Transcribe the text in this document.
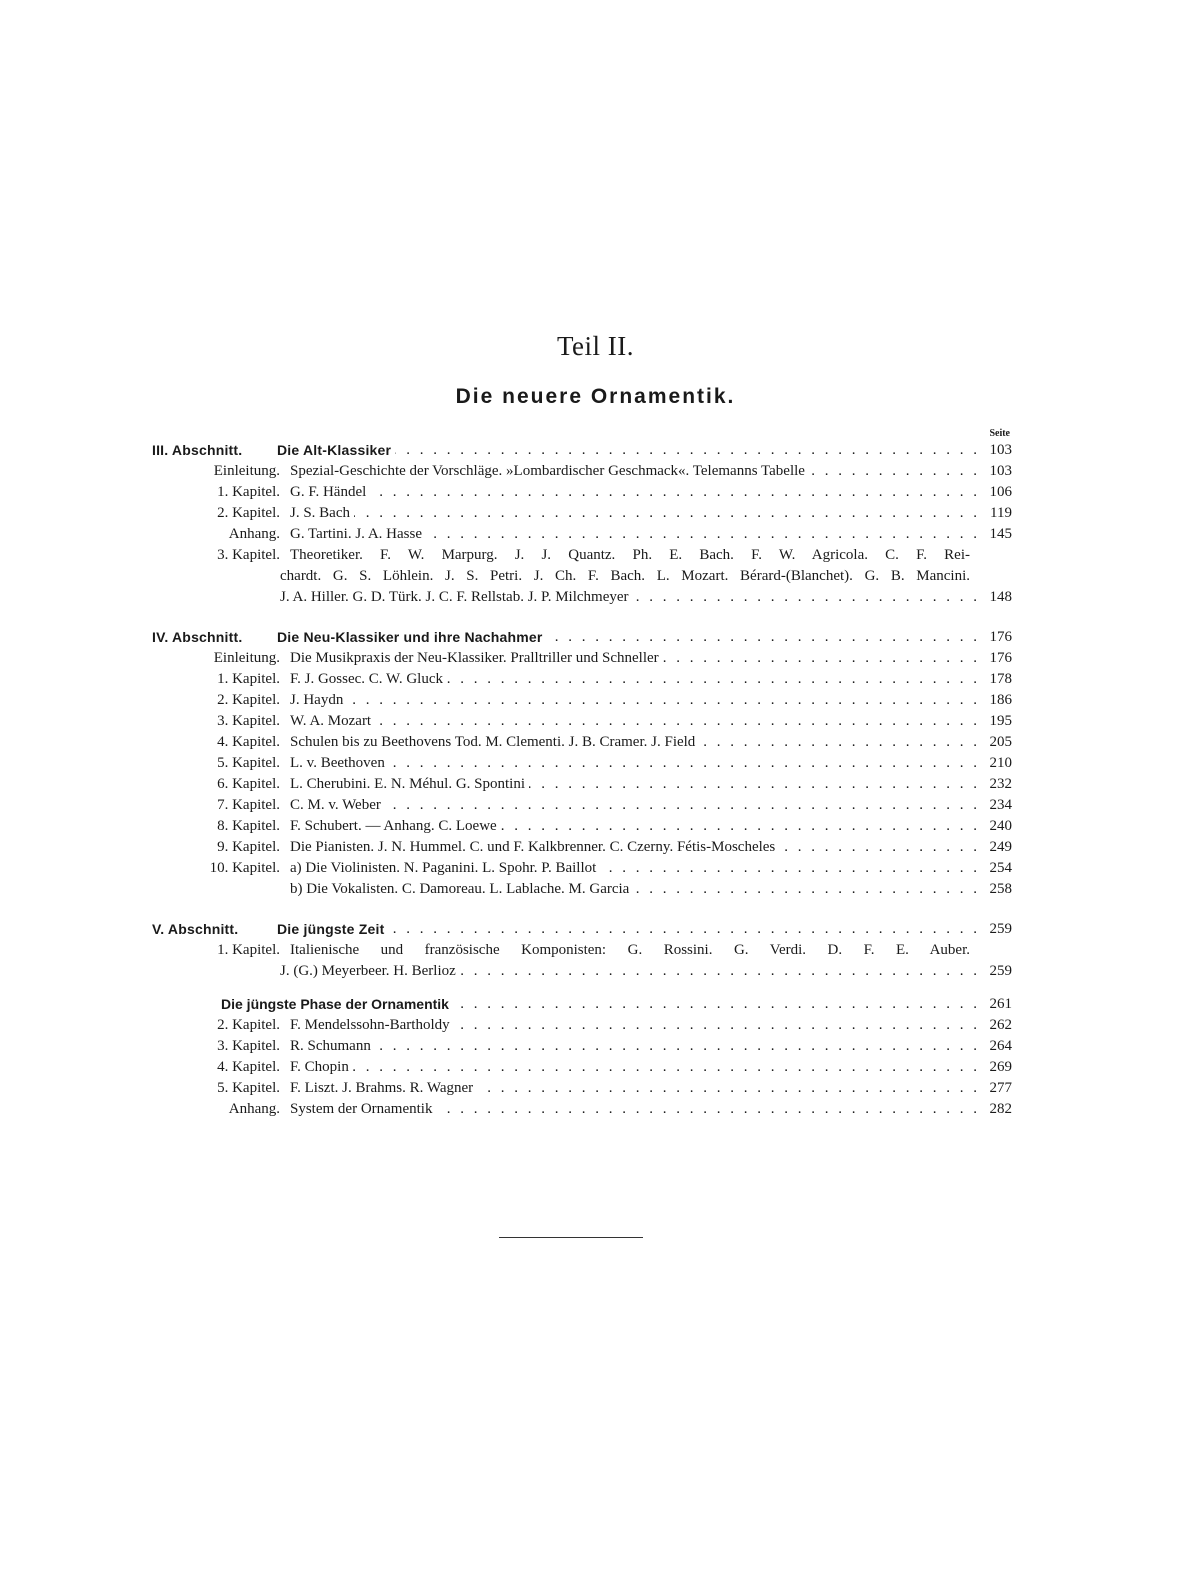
Teil II.
Die neuere Ornamentik.
Seite
III. Abschnitt.	Die Alt-Klassiker . . .	103
Einleitung. Spezial-Geschichte der Vorschläge. »Lombardischer Geschmack«. Telemanns Tabelle . . .	103
1. Kapitel. G. F. Händel . . .	106
2. Kapitel. J. S. Bach . . .	119
Anhang. G. Tartini. J. A. Hasse . . .	145
3. Kapitel. Theoretiker. F. W. Marpurg. J. J. Quantz. Ph. E. Bach. F. W. Agricola. C. F. Rei-
chardt. G. S. Löhlein. J. S. Petri. J. Ch. F. Bach. L. Mozart. Bérard-(Blanchet). G. B. Mancini.
J. A. Hiller. G. D. Türk. J. C. F. Rellstab. J. P. Milchmeyer . . .	148
IV. Abschnitt.	Die Neu-Klassiker und ihre Nachahmer . . .	176
Einleitung. Die Musikpraxis der Neu-Klassiker. Pralltriller und Schneller . . .	176
1. Kapitel. F. J. Gossec. C. W. Gluck . . .	178
2. Kapitel. J. Haydn . . .	186
3. Kapitel. W. A. Mozart . . .	195
4. Kapitel. Schulen bis zu Beethovens Tod. M. Clementi. J. B. Cramer. J. Field . . .	205
5. Kapitel. L. v. Beethoven . . .	210
6. Kapitel. L. Cherubini. E. N. Méhul. G. Spontini . . .	232
7. Kapitel. C. M. v. Weber . . .	234
8. Kapitel. F. Schubert. — Anhang. C. Loewe . . .	240
9. Kapitel. Die Pianisten. J. N. Hummel. C. und F. Kalkbrenner. C. Czerny. Fétis-Moscheles . . .	249
10. Kapitel. a) Die Violinisten. N. Paganini. L. Spohr. P. Baillot . . .	254
b) Die Vokalisten. C. Damoreau. L. Lablache. M. Garcia . . .	258
V. Abschnitt.	Die jüngste Zeit . . .	259
1. Kapitel. Italienische und französische Komponisten: G. Rossini. G. Verdi. D. F. E. Auber.
J. (G.) Meyerbeer. H. Berlioz . . .	259
Die jüngste Phase der Ornamentik . . .	261
2. Kapitel. F. Mendelssohn-Bartholdy . . .	262
3. Kapitel. R. Schumann . . .	264
4. Kapitel. F. Chopin . . .	269
5. Kapitel. F. Liszt. J. Brahms. R. Wagner . . .	277
Anhang. System der Ornamentik . . .	282
